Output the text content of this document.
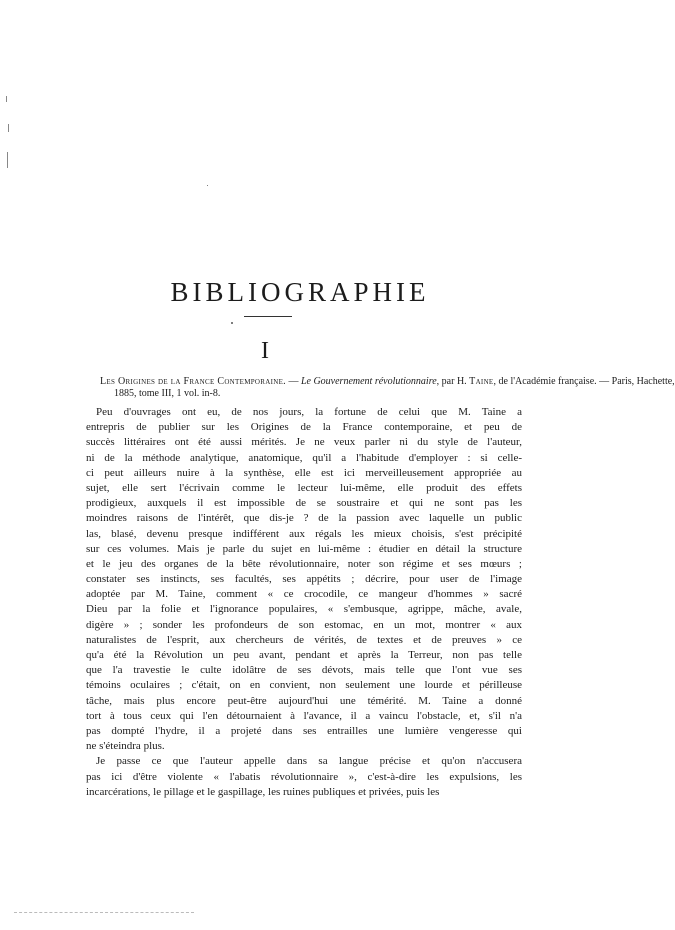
BIBLIOGRAPHIE
I
Les Origines de la France Contemporaine. — Le Gouvernement révolutionnaire, par H. Taine, de l'Académie française. — Paris, Hachette,
1885, tome III, 1 vol. in-8.
Peu d'ouvrages ont eu, de nos jours, la fortune de celui que M. Taine a
entrepris de publier sur les Origines de la France contemporaine, et peu de
succès littéraires ont été aussi mérités. Je ne veux parler ni du style de l'auteur,
ni de la méthode analytique, anatomique, qu'il a l'habitude d'employer : si celle-
ci peut ailleurs nuire à la synthèse, elle est ici merveilleusement appropriée au
sujet, elle sert l'écrivain comme le lecteur lui-même, elle produit des effets
prodigieux, auxquels il est impossible de se soustraire et qui ne sont pas les
moindres raisons de l'intérêt, que dis-je ? de la passion avec laquelle un public
las, blasé, devenu presque indifférent aux régals les mieux choisis, s'est précipité
sur ces volumes. Mais je parle du sujet en lui-même : étudier en détail la structure
et le jeu des organes de la bête révolutionnaire, noter son régime et ses mœurs ;
constater ses instincts, ses facultés, ses appétits ; décrire, pour user de l'image
adoptée par M. Taine, comment « ce crocodile, ce mangeur d'hommes » sacré
Dieu par la folie et l'ignorance populaires, « s'embusque, agrippe, mâche, avale,
digère » ; sonder les profondeurs de son estomac, en un mot, montrer « aux
naturalistes de l'esprit, aux chercheurs de vérités, de textes et de preuves » ce
qu'a été la Révolution un peu avant, pendant et après la Terreur, non pas telle
que l'a travestie le culte idolâtre de ses dévots, mais telle que l'ont vue ses
témoins oculaires ; c'était, on en convient, non seulement une lourde et périlleuse
tâche, mais plus encore peut-être aujourd'hui une témérité. M. Taine a donné
tort à tous ceux qui l'en détournaient à l'avance, il a vaincu l'obstacle, et, s'il n'a
pas dompté l'hydre, il a projeté dans ses entrailles une lumière vengeresse qui
ne s'éteindra plus.
Je passe ce que l'auteur appelle dans sa langue précise et qu'on n'accusera
pas ici d'être violente « l'abatis révolutionnaire », c'est-à-dire les expulsions, les
incarcérations, le pillage et le gaspillage, les ruines publiques et privées, puis les
